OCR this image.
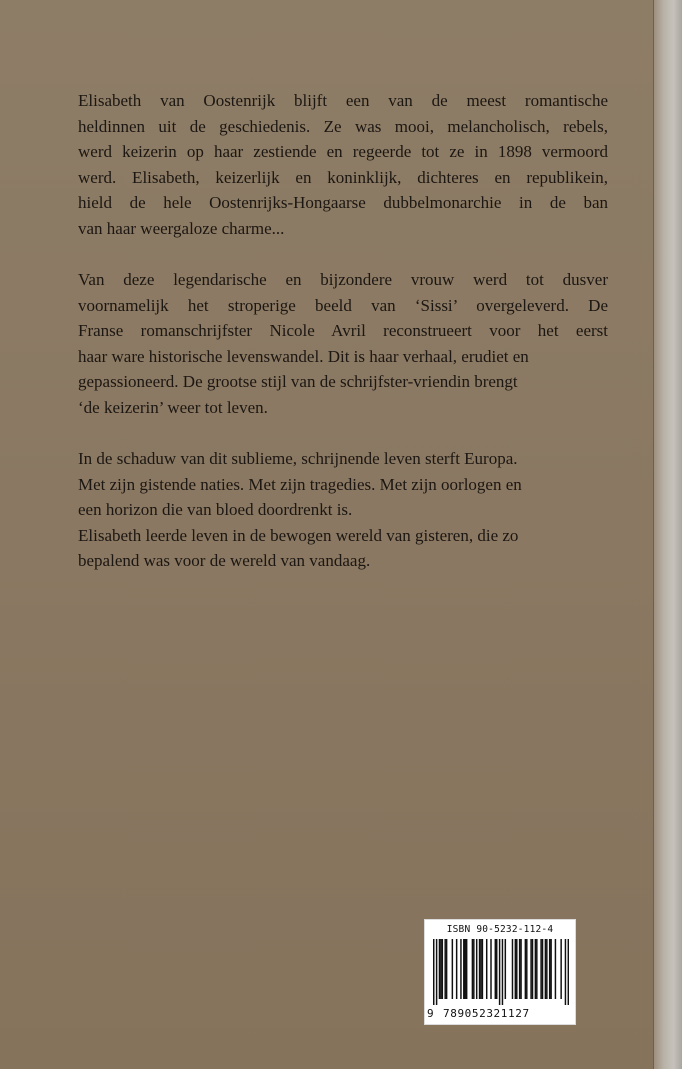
Elisabeth van Oostenrijk blijft een van de meest romantische
heldinnen uit de geschiedenis. Ze was mooi, melancholisch, rebels,
werd keizerin op haar zestiende en regeerde tot ze in 1898 vermoord
werd. Elisabeth, keizerlijk en koninklijk, dichteres en republikein,
hield de hele Oostenrijks-Hongaarse dubbelmonarchie in de ban
van haar weergaloze charme...

Van deze legendarische en bijzondere vrouw werd tot dusver
voornamelijk het stroperige beeld van ‘Sissi’ overgeleverd. De
Franse romanschrijfster Nicole Avril reconstrueert voor het eerst
haar ware historische levenswandel. Dit is haar verhaal, erudiet en
gepassioneerd. De grootse stijl van de schrijfster-vriendin brengt
‘de keizerin’ weer tot leven.

In de schaduw van dit sublieme, schrijnende leven sterft Europa.
Met zijn gistende naties. Met zijn tragedies. Met zijn oorlogen en
een horizon die van bloed doordrenkt is.
Elisabeth leerde leven in de bewogen wereld van gisteren, die zo
bepalend was voor de wereld van vandaag.

ISBN 90-5232-112-4
9 789052321127
